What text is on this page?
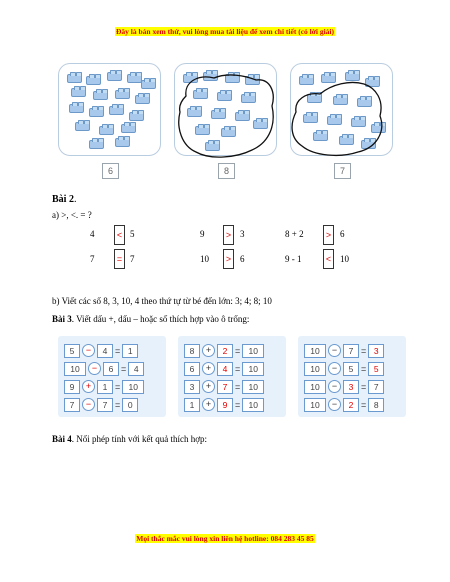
Đây là bản xem thử, vui lòng mua tài liệu để xem chi tiết (có lời giải)
6	8	7
Bài 2.
a) >, <. = ?
4	< 5	9	> 3	8 + 2	> 6
7	= 7	10	> 6	9 - 1	< 10
b) Viết các số 8, 3, 10, 4 theo thứ tự từ bé đến lớn: 3; 4; 8; 10
Bài 3. Viết dấu +, dấu – hoặc số thích hợp vào ô trống:
5	−	4 = 1
10	−	6 = 4
9	+	1 = 10
7	−	7 = 0
8	+	2 = 10
6	+	4 = 10
3	+	7 = 10
1	+	9 = 10
10	−	7 = 3
10	−	5 = 5
10	−	3 = 7
10	−	2 = 8
Bài 4. Nối phép tính với kết quả thích hợp:
Mọi thắc mắc vui lòng xin liên hệ hotline: 084 283 45 85
